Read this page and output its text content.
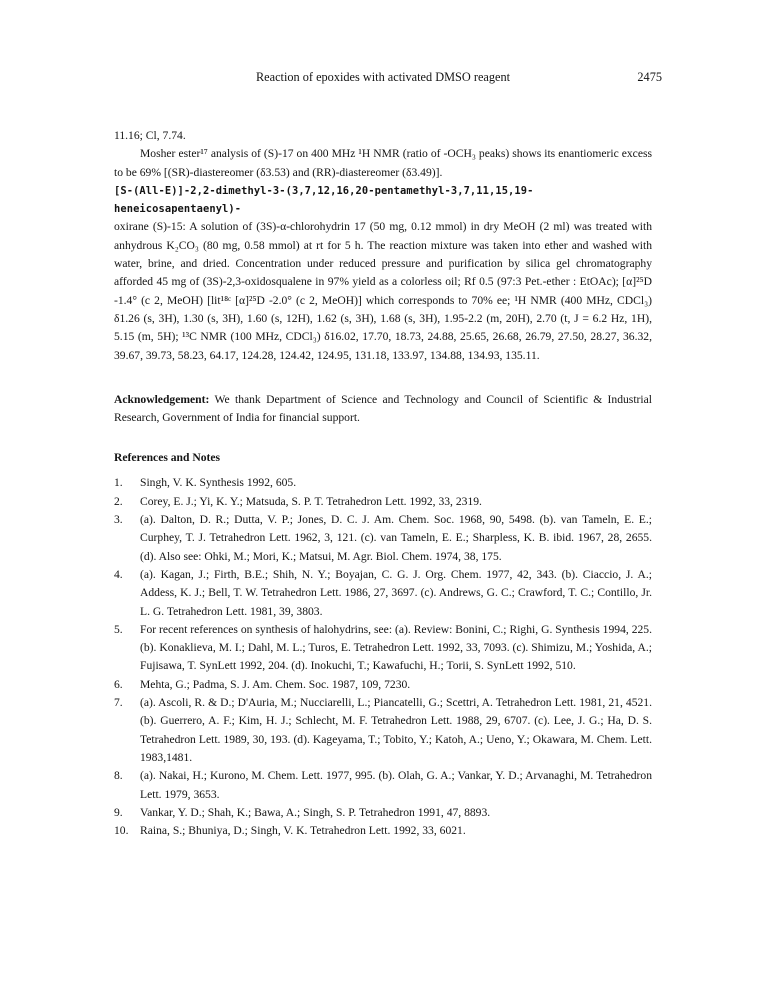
Reaction of epoxides with activated DMSO reagent	2475
11.16; Cl, 7.74.
Mosher ester¹⁷ analysis of (S)-17 on 400 MHz ¹H NMR (ratio of -OCH₃ peaks) shows its enantiomeric excess to be 69% [(SR)-diastereomer (δ3.53) and (RR)-diastereomer (δ3.49)].
[S-(All-E)]-2,2-dimethyl-3-(3,7,12,16,20-pentamethyl-3,7,11,15,19-heneicosapentaenyl)-
oxirane (S)-15: A solution of (3S)-α-chlorohydrin 17 (50 mg, 0.12 mmol) in dry MeOH (2 ml) was treated with anhydrous K₂CO₃ (80 mg, 0.58 mmol) at rt for 5 h. The reaction mixture was taken into ether and washed with water, brine, and dried. Concentration under reduced pressure and purification by silica gel chromatography afforded 45 mg of (3S)-2,3-oxidosqualene in 97% yield as a colorless oil; Rf 0.5 (97:3 Pet.-ether : EtOAc); [α]²⁵D -1.4° (c 2, MeOH) [lit¹⁸ᶜ [α]²⁵D -2.0° (c 2, MeOH)] which corresponds to 70% ee; ¹H NMR (400 MHz, CDCl₃) δ1.26 (s, 3H), 1.30 (s, 3H), 1.60 (s, 12H), 1.62 (s, 3H), 1.68 (s, 3H), 1.95-2.2 (m, 20H), 2.70 (t, J = 6.2 Hz, 1H), 5.15 (m, 5H); ¹³C NMR (100 MHz, CDCl₃) δ16.02, 17.70, 18.73, 24.88, 25.65, 26.68, 26.79, 27.50, 28.27, 36.32, 39.67, 39.73, 58.23, 64.17, 124.28, 124.42, 124.95, 131.18, 133.97, 134.88, 134.93, 135.11.
Acknowledgement: We thank Department of Science and Technology and Council of Scientific & Industrial Research, Government of India for financial support.
References and Notes
1.	Singh, V. K. Synthesis 1992, 605.
2.	Corey, E. J.; Yi, K. Y.; Matsuda, S. P. T. Tetrahedron Lett. 1992, 33, 2319.
3.	(a). Dalton, D. R.; Dutta, V. P.; Jones, D. C. J. Am. Chem. Soc. 1968, 90, 5498. (b). van Tameln, E. E.; Curphey, T. J. Tetrahedron Lett. 1962, 3, 121. (c). van Tameln, E. E.; Sharpless, K. B. ibid. 1967, 28, 2655. (d). Also see: Ohki, M.; Mori, K.; Matsui, M. Agr. Biol. Chem. 1974, 38, 175.
4.	(a). Kagan, J.; Firth, B.E.; Shih, N. Y.; Boyajan, C. G. J. Org. Chem. 1977, 42, 343. (b). Ciaccio, J. A.; Addess, K. J.; Bell, T. W. Tetrahedron Lett. 1986, 27, 3697. (c). Andrews, G. C.; Crawford, T. C.; Contillo, Jr. L. G. Tetrahedron Lett. 1981, 39, 3803.
5.	For recent references on synthesis of halohydrins, see: (a). Review: Bonini, C.; Righi, G. Synthesis 1994, 225. (b). Konaklieva, M. I.; Dahl, M. L.; Turos, E. Tetrahedron Lett. 1992, 33, 7093. (c). Shimizu, M.; Yoshida, A.; Fujisawa, T. SynLett 1992, 204. (d). Inokuchi, T.; Kawafuchi, H.; Torii, S. SynLett 1992, 510.
6.	Mehta, G.; Padma, S. J. Am. Chem. Soc. 1987, 109, 7230.
7.	(a). Ascoli, R. & D.; D'Auria, M.; Nucciarelli, L.; Piancatelli, G.; Scettri, A. Tetrahedron Lett. 1981, 21, 4521. (b). Guerrero, A. F.; Kim, H. J.; Schlecht, M. F. Tetrahedron Lett. 1988, 29, 6707. (c). Lee, J. G.; Ha, D. S. Tetrahedron Lett. 1989, 30, 193. (d). Kageyama, T.; Tobito, Y.; Katoh, A.; Ueno, Y.; Okawara, M. Chem. Lett. 1983,1481.
8.	(a). Nakai, H.; Kurono, M. Chem. Lett. 1977, 995. (b). Olah, G. A.; Vankar, Y. D.; Arvanaghi, M. Tetrahedron Lett. 1979, 3653.
9.	Vankar, Y. D.; Shah, K.; Bawa, A.; Singh, S. P. Tetrahedron 1991, 47, 8893.
10. Raina, S.; Bhuniya, D.; Singh, V. K. Tetrahedron Lett. 1992, 33, 6021.
